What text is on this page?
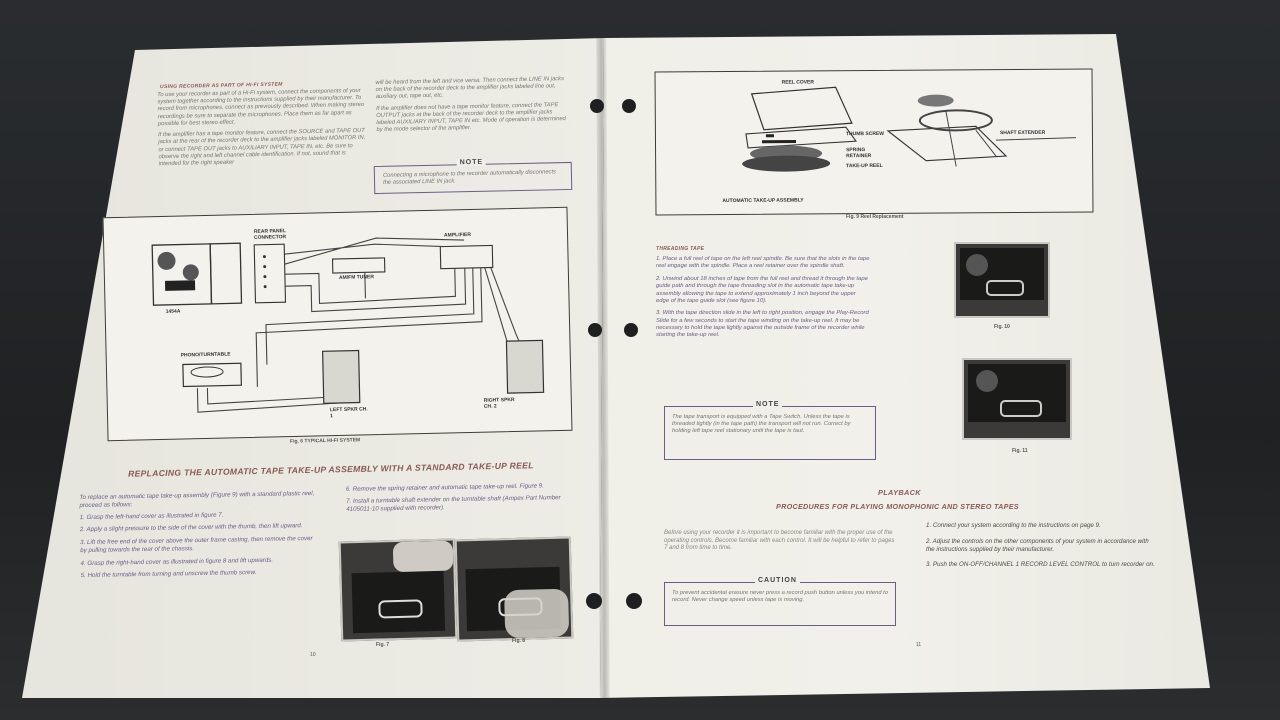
USING RECORDER AS PART OF HI-FI SYSTEM
To use your recorder as part of a Hi-Fi system, connect the components of your system together according to the instructions supplied by their manufacturer. To record from microphones, connect as previously described. When making stereo recordings be sure to separate the microphones. Place them as far apart as possible for best stereo effect.
If the amplifier has a tape monitor feature, connect the SOURCE and TAPE OUT jacks at the rear of the recorder deck to the amplifier jacks labeled MONITOR IN, or connect TAPE OUT jacks to AUXILIARY INPUT, TAPE IN, etc. Be sure to observe the right and left channel cable identification. If not, sound that is intended for the right speaker
will be heard from the left and vice versa. Then connect the LINE IN jacks on the back of the recorder deck to the amplifier jacks labeled line out, auxiliary out, tape out, etc.
If the amplifier does not have a tape monitor feature, connect the TAPE OUTPUT jacks at the back of the recorder deck to the amplifier jacks labeled AUXILIARY INPUT, TAPE IN etc. Mode of operation is determined by the mode selector of the amplifier.
NOTE
Connecting a microphone to the recorder automatically disconnects the associated LINE IN jack.
REAR PANEL CONNECTOR	AMPLIFIER
AM/FM TUNER
1454A
PHONO/TURNTABLE
LEFT SPKR CH. 1
RIGHT SPKR CH. 2
Fig. 6 TYPICAL HI-FI SYSTEM
REPLACING THE AUTOMATIC TAPE TAKE-UP ASSEMBLY WITH A STANDARD TAKE-UP REEL
To replace an automatic tape take-up assembly (Figure 9) with a standard plastic reel, proceed as follows:
1. Grasp the left-hand cover as illustrated in figure 7.
2. Apply a slight pressure to the side of the cover with the thumb, then lift upward.
3. Lift the free end of the cover above the outer frame casting, then remove the cover by pulling towards the rear of the chassis.
4. Grasp the right-hand cover as illustrated in figure 8 and lift upwards.
5. Hold the turntable from turning and unscrew the thumb screw.
6. Remove the spring retainer and automatic tape take-up reel. Figure 9.
7. Install a turntable shaft extender on the turntable shaft (Ampex Part Number 4105011-10 supplied with recorder).
Fig. 7
Fig. 8
10
REEL COVER
THUMB SCREW
SPRING RETAINER
TAKE-UP REEL
SHAFT EXTENDER
AUTOMATIC TAKE-UP ASSEMBLY
Fig. 9 Reel Replacement
THREADING TAPE
1. Place a full reel of tape on the left reel spindle. Be sure that the slots in the tape reel engage with the spindle. Place a reel retainer over the spindle shaft.
2. Unwind about 18 inches of tape from the full reel and thread it through the tape guide path and through the tape threading slot in the automatic tape take-up assembly allowing the tape to extend approximately 1 inch beyond the upper edge of the tape guide slot (see figure 10).
3. With the tape direction slide in the left to right position, engage the Play-Record Slide for a few seconds to start the tape winding on the take-up reel. It may be necessary to hold the tape lightly against the outside frame of the recorder while starting the take-up reel.
NOTE
The tape transport is equipped with a Tape Switch. Unless the tape is threaded tightly (in the tape path) the transport will not run. Correct by holding left tape reel stationary until the tape is taut.
Fig. 10
Fig. 11
PLAYBACK
PROCEDURES FOR PLAYING MONOPHONIC AND STEREO TAPES
Before using your recorder it is important to become familiar with the proper use of the operating controls. Become familiar with each control. It will be helpful to refer to pages 7 and 8 from time to time.
CAUTION
To prevent accidental erasure never press a record push button unless you intend to record. Never change speed unless tape is moving.
1. Connect your system according to the instructions on page 9.
2. Adjust the controls on the other components of your system in accordance with the instructions supplied by their manufacturer.
3. Push the ON-OFF/CHANNEL 1 RECORD LEVEL CONTROL to turn recorder on.
11
